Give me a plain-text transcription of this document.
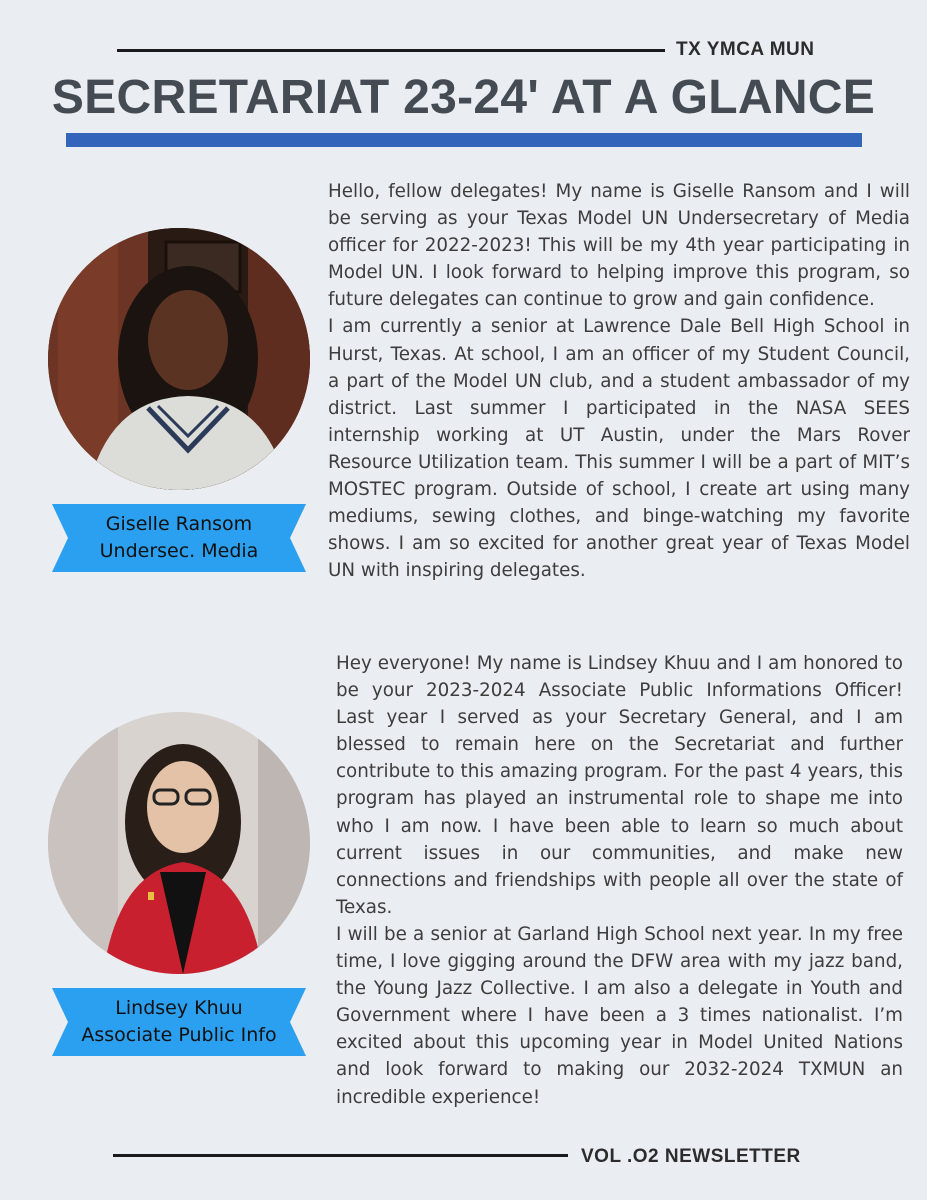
TX YMCA MUN
SECRETARIAT 23-24' AT A GLANCE
Giselle Ransom
Undersec. Media

Hello, fellow delegates! My name is Giselle Ransom and I will be serving as your Texas Model UN Undersecretary of Media officer for 2022-2023! This will be my 4th year participating in Model UN. I look forward to helping improve this program, so future delegates can continue to grow and gain confidence.

I am currently a senior at Lawrence Dale Bell High School in Hurst, Texas. At school, I am an officer of my Student Council, a part of the Model UN club, and a student ambassador of my district. Last summer I participated in the NASA SEES internship working at UT Austin, under the Mars Rover Resource Utilization team. This summer I will be a part of MIT’s MOSTEC program. Outside of school, I create art using many mediums, sewing clothes, and binge-watching my favorite shows. I am so excited for another great year of Texas Model UN with inspiring delegates.

Lindsey Khuu
Associate Public Info

Hey everyone! My name is Lindsey Khuu and I am honored to be your 2023-2024 Associate Public Informations Officer! Last year I served as your Secretary General, and I am blessed to remain here on the Secretariat and further contribute to this amazing program. For the past 4 years, this program has played an instrumental role to shape me into who I am now. I have been able to learn so much about current issues in our communities, and make new connections and friendships with people all over the state of Texas.

I will be a senior at Garland High School next year. In my free time, I love gigging around the DFW area with my jazz band, the Young Jazz Collective. I am also a delegate in Youth and Government where I have been a 3 times nationalist. I’m excited about this upcoming year in Model United Nations and look forward to making our 2032-2024 TXMUN an incredible experience!

VOL .O2 NEWSLETTER
